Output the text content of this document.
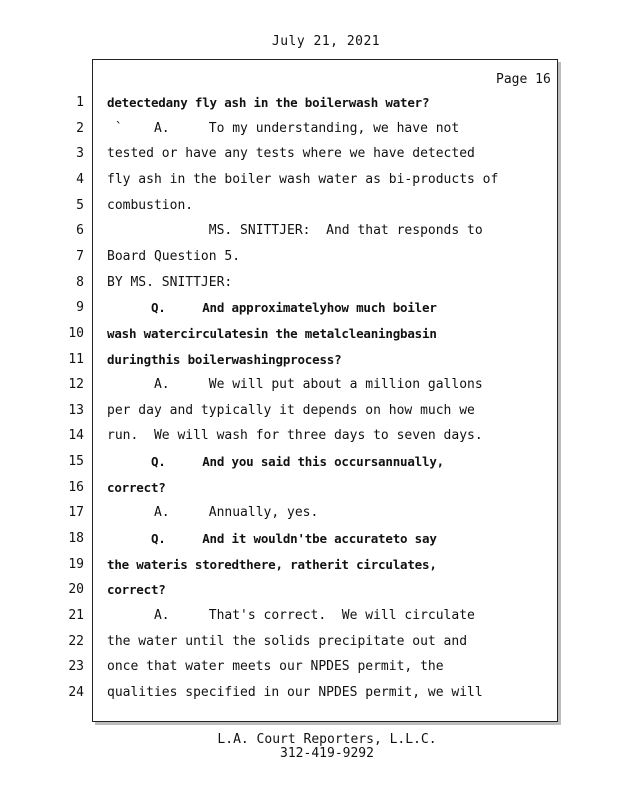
July 21, 2021
Page 16
1 detectedany fly ash in the boilerwash water?
2 `    A.     To my understanding, we have not
3 tested or have any tests where we have detected
4 fly ash in the boiler wash water as bi-products of
5 combustion.
6 MS. SNITTJER:  And that responds to
7 Board Question 5.
8 BY MS. SNITTJER:
9 Q.     And approximatelyhow much boiler
10 wash watercirculatesin the metalcleaningbasin
11 duringthis boilerwashingprocess?
12 A.     We will put about a million gallons
13 per day and typically it depends on how much we
14 run.  We will wash for three days to seven days.
15 Q.     And you said this occursannually,
16 correct?
17 A.     Annually, yes.
18 Q.     And it wouldn'tbe accurateto say
19 the wateris storedthere, ratherit circulates,
20 correct?
21 A.     That's correct.  We will circulate
22 the water until the solids precipitate out and
23 once that water meets our NPDES permit, the
24 qualities specified in our NPDES permit, we will
L.A. Court Reporters, L.L.C.
312-419-9292
